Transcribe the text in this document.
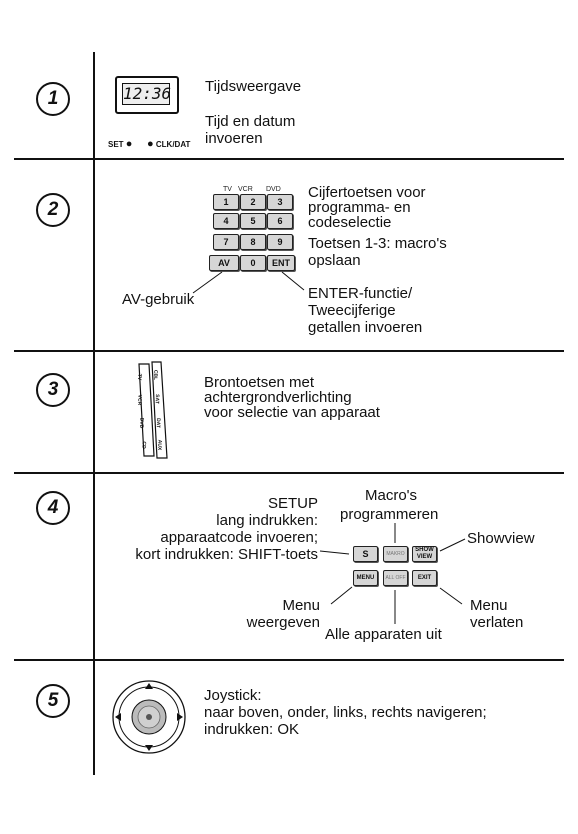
1	12:36
SET ● ● CLK/DAT
Tijdsweergave
Tijd en datum
invoeren
2
TV VCR DVD
1	2	3
4	5	6
7	8	9
AV	0	ENT
Cijfertoetsen voor
programma- en
codeselectie
Toetsen 1-3: macro's
opslaan
AV-gebruik	ENTER-functie/
Tweecijferige
getallen invoeren
3
TV
VCR
DVD
CD
CBL
SAT
DAT
AUX
Brontoetsen met
achtergrondverlichting
voor selectie van apparaat
4	SETUP
lang indrukken:
apparaatcode invoeren;
kort indrukken: SHIFT-toets
Macro's
programmeren
Showview
S	MAKRO
SHOW VIEW
MENU	ALL OFF	EXIT
Menu
weergeven
Alle apparaten uit
Menu
verlaten
5	Joystick:
naar boven, onder, links, rechts navigeren;
indrukken: OK
